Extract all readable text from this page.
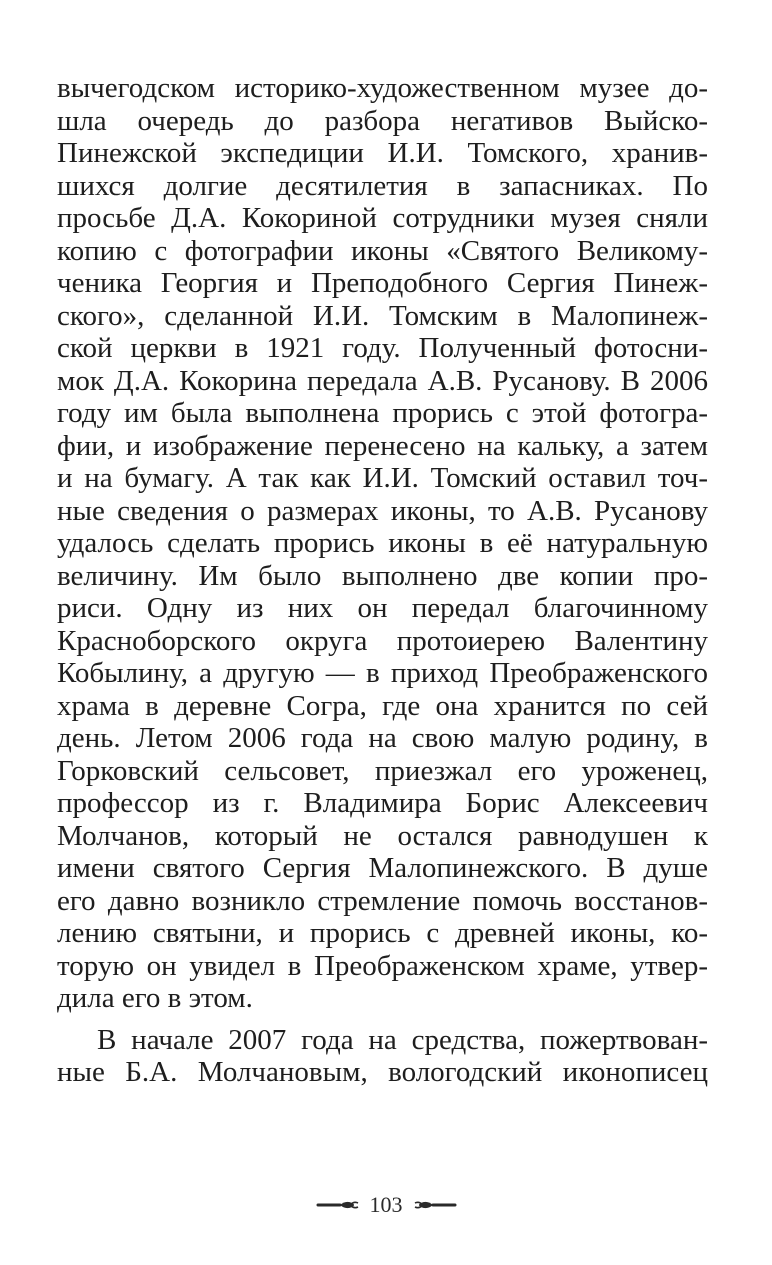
вычегодском историко-художественном музее до-
шла очередь до разбора негативов Выйско-
Пинежской экспедиции И.И. Томского, хранив-
шихся долгие десятилетия в запасниках. По
просьбе Д.А. Кокориной сотрудники музея сняли
копию с фотографии иконы «Святого Великому-
ченика Георгия и Преподобного Сергия Пинеж-
ского», сделанной И.И. Томским в Малопинеж-
ской церкви в 1921 году. Полученный фотосни-
мок Д.А. Кокорина передала А.В. Русанову. В 2006
году им была выполнена прорись с этой фотогра-
фии, и изображение перенесено на кальку, а затем
и на бумагу. А так как И.И. Томский оставил точ-
ные сведения о размерах иконы, то А.В. Русанову
удалось сделать прорись иконы в её натуральную
величину. Им было выполнено две копии про-
риси. Одну из них он передал благочинному
Красноборского округа протоиерею Валентину
Кобылину, а другую — в приход Преображенского
храма в деревне Согра, где она хранится по сей
день. Летом 2006 года на свою малую родину, в
Горковский сельсовет, приезжал его уроженец,
профессор из г. Владимира Борис Алексеевич
Молчанов, который не остался равнодушен к
имени святого Сергия Малопинежского. В душе
его давно возникло стремление помочь восстанов-
лению святыни, и прорись с древней иконы, ко-
торую он увидел в Преображенском храме, утвер-
дила его в этом.
В начале 2007 года на средства, пожертвован-
ные Б.А. Молчановым, вологодский иконописец
103
